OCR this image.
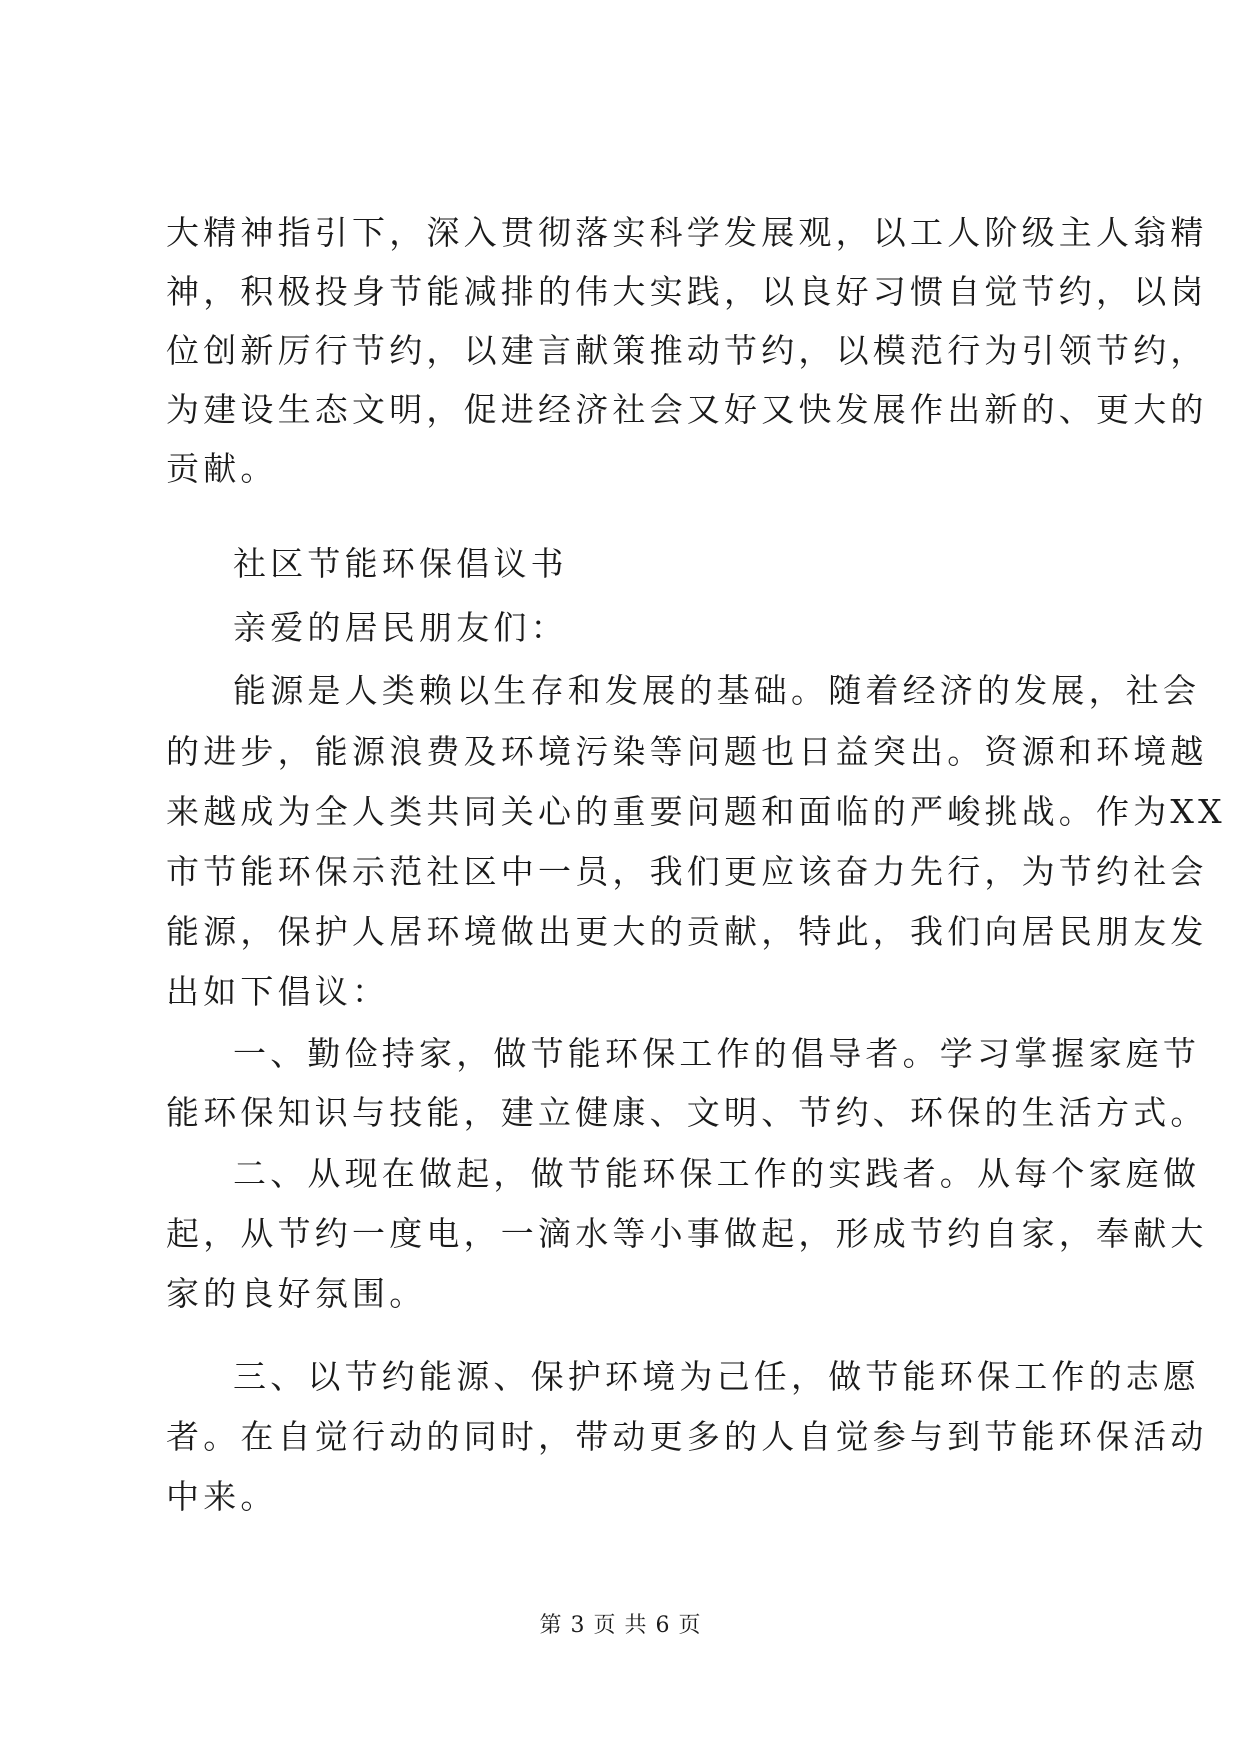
大精神指引下，深入贯彻落实科学发展观，以工人阶级主人翁精
神，积极投身节能减排的伟大实践，以良好习惯自觉节约，以岗
位创新厉行节约，以建言献策推动节约，以模范行为引领节约，
为建设生态文明，促进经济社会又好又快发展作出新的、更大的
贡献。
社区节能环保倡议书
亲爱的居民朋友们：
能源是人类赖以生存和发展的基础。随着经济的发展，社会
的进步，能源浪费及环境污染等问题也日益突出。资源和环境越
来越成为全人类共同关心的重要问题和面临的严峻挑战。作为XX
市节能环保示范社区中一员，我们更应该奋力先行，为节约社会
能源，保护人居环境做出更大的贡献，特此，我们向居民朋友发
出如下倡议：
一、勤俭持家，做节能环保工作的倡导者。学习掌握家庭节
能环保知识与技能，建立健康、文明、节约、环保的生活方式。
二、从现在做起，做节能环保工作的实践者。从每个家庭做
起，从节约一度电，一滴水等小事做起，形成节约自家，奉献大
家的良好氛围。
三、以节约能源、保护环境为己任，做节能环保工作的志愿
者。在自觉行动的同时，带动更多的人自觉参与到节能环保活动
中来。
第 3 页 共 6 页
